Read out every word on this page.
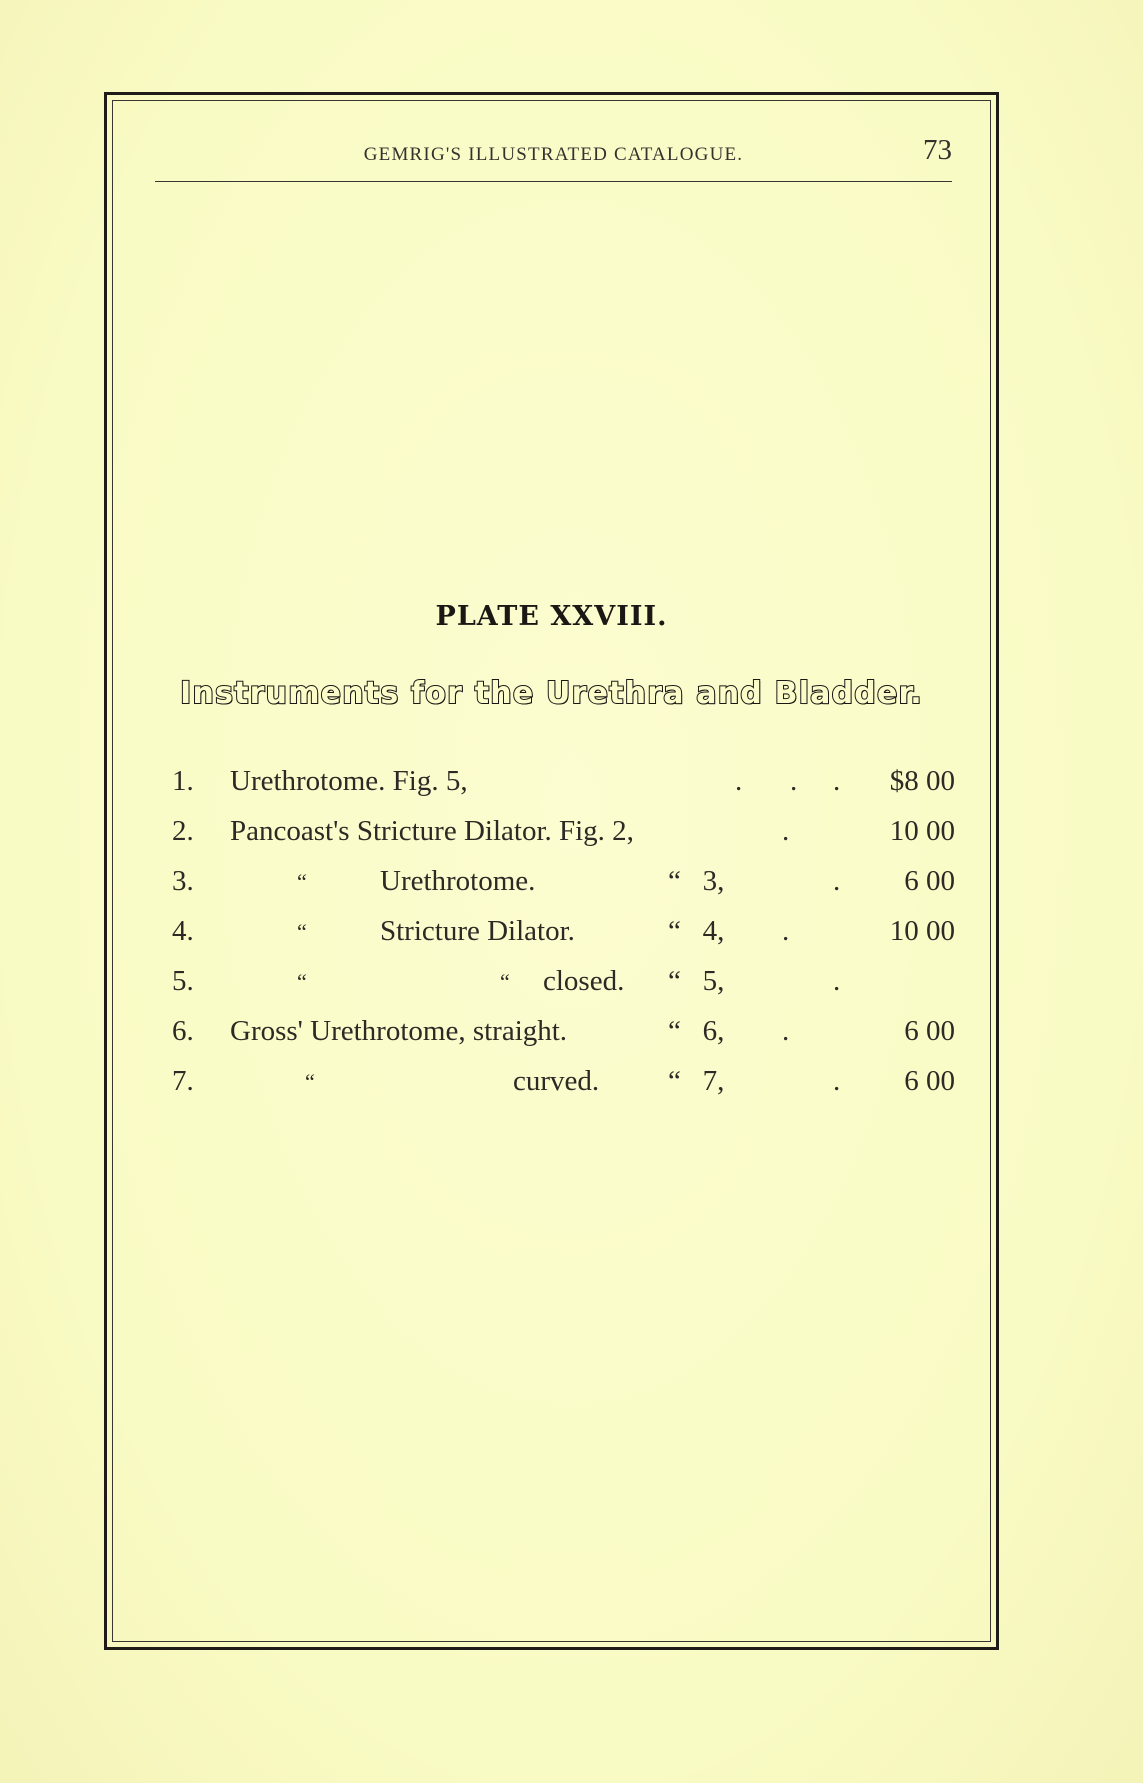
GEMRIG'S ILLUSTRATED CATALOGUE.	73
PLATE XXVIII.
Instruments for the Urethra and Bladder.
1. Urethrotome. Fig. 5,	. . . $8 00
2. Pancoast's Stricture Dilator. Fig. 2,	.	10 00
3.	“	Urethrotome.	“   3,	. 6 00
4.	“	Stricture Dilator.	“   4, .	10 00
5.	“	“ closed. “   5,	.
6. Gross' Urethrotome, straight.	“   6, .	6 00
7.	“	curved. “   7,	. 6 00
